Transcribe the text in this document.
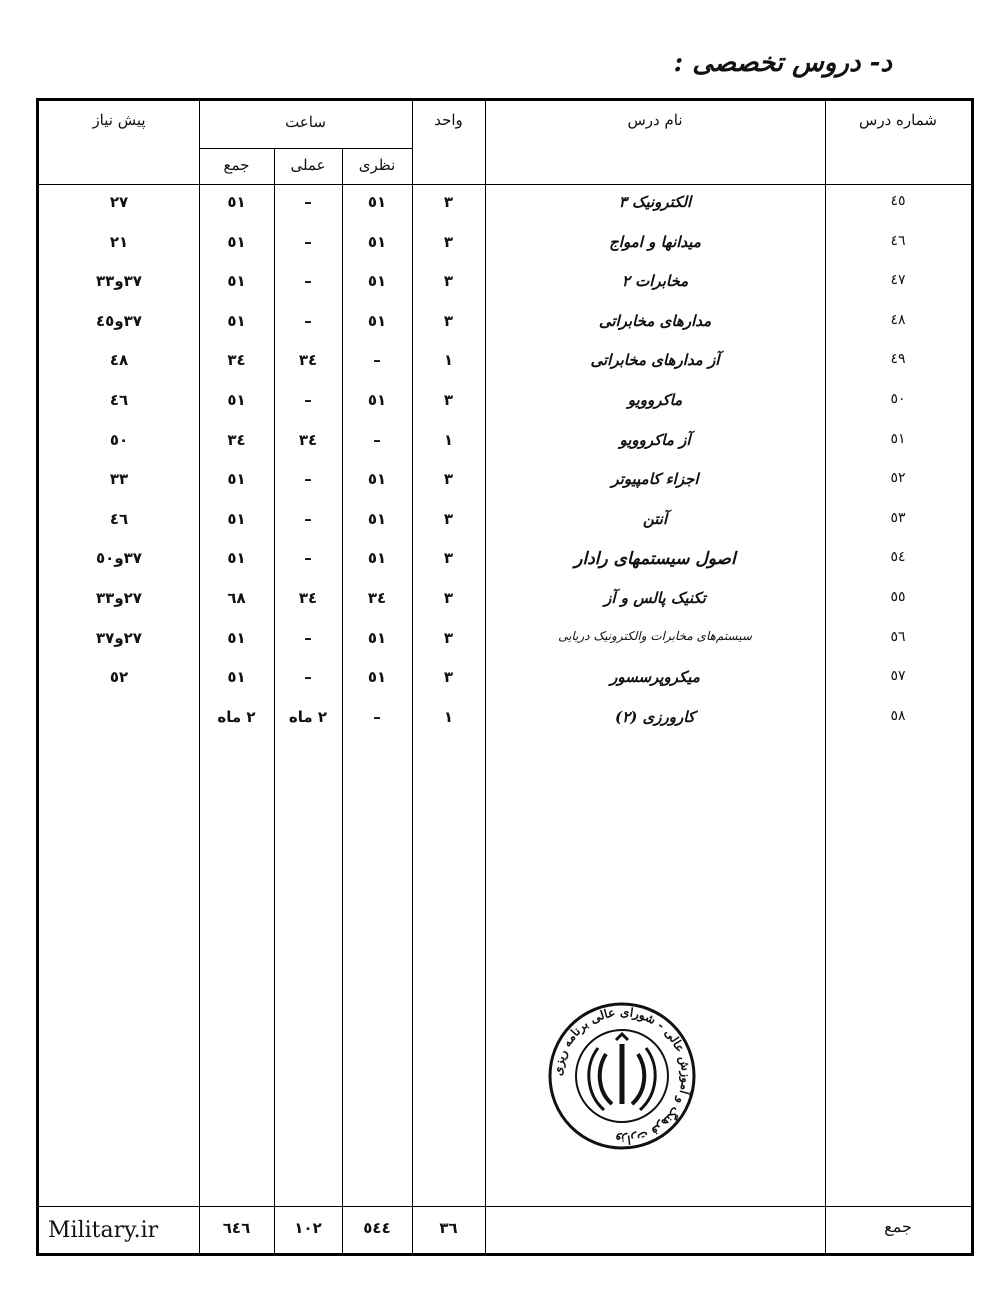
د- دروس تخصصی :
شماره درس
نام درس
واحد
ساعت
نظری
عملی
جمع
پیش نیاز
٤٥
الکترونیک ۳
۳
٥١
–
٥١
۲۷
٤٦
میدانها و امواج
۳
٥١
–
٥١
۲۱
٤٧
مخابرات ۲
۳
٥١
–
٥١
۳۷و۳۳
٤٨
مدارهای مخابراتی
۳
٥١
–
٥١
۳۷و٤٥
٤٩
آز مدارهای مخابراتی
۱
–
۳٤
۳٤
٤۸
٥۰
ماکروویو
۳
٥١
–
٥١
٤٦
٥١
آز ماکروویو
۱
–
۳٤
۳٤
٥۰
٥۲
اجزاء کامپیوتر
۳
٥١
–
٥١
۳۳
٥۳
آنتن
۳
٥١
–
٥١
٤٦
٥٤
اصول سیستمهای رادار
۳
٥١
–
٥١
۳۷و٥۰
٥٥
تکنیک پالس و آز
۳
۳٤
۳٤
٦۸
۲۷و۳۳
٥٦
سیستم‌های مخابرات والکترونیک دریایی
۳
٥١
–
٥١
۲۷و۳۷
٥٧
میکروپرسسور
۳
٥١
–
٥١
٥۲
٥۸
کارورزی (۲)
۱
–
۲ ماه
۲ ماه
جمع
۳٦
٥٤٤
۱۰۲
٦٤٦
Military.ir
وزارت فرهنگ و آموزش عالی - شورای عالی برنامه ریزی
